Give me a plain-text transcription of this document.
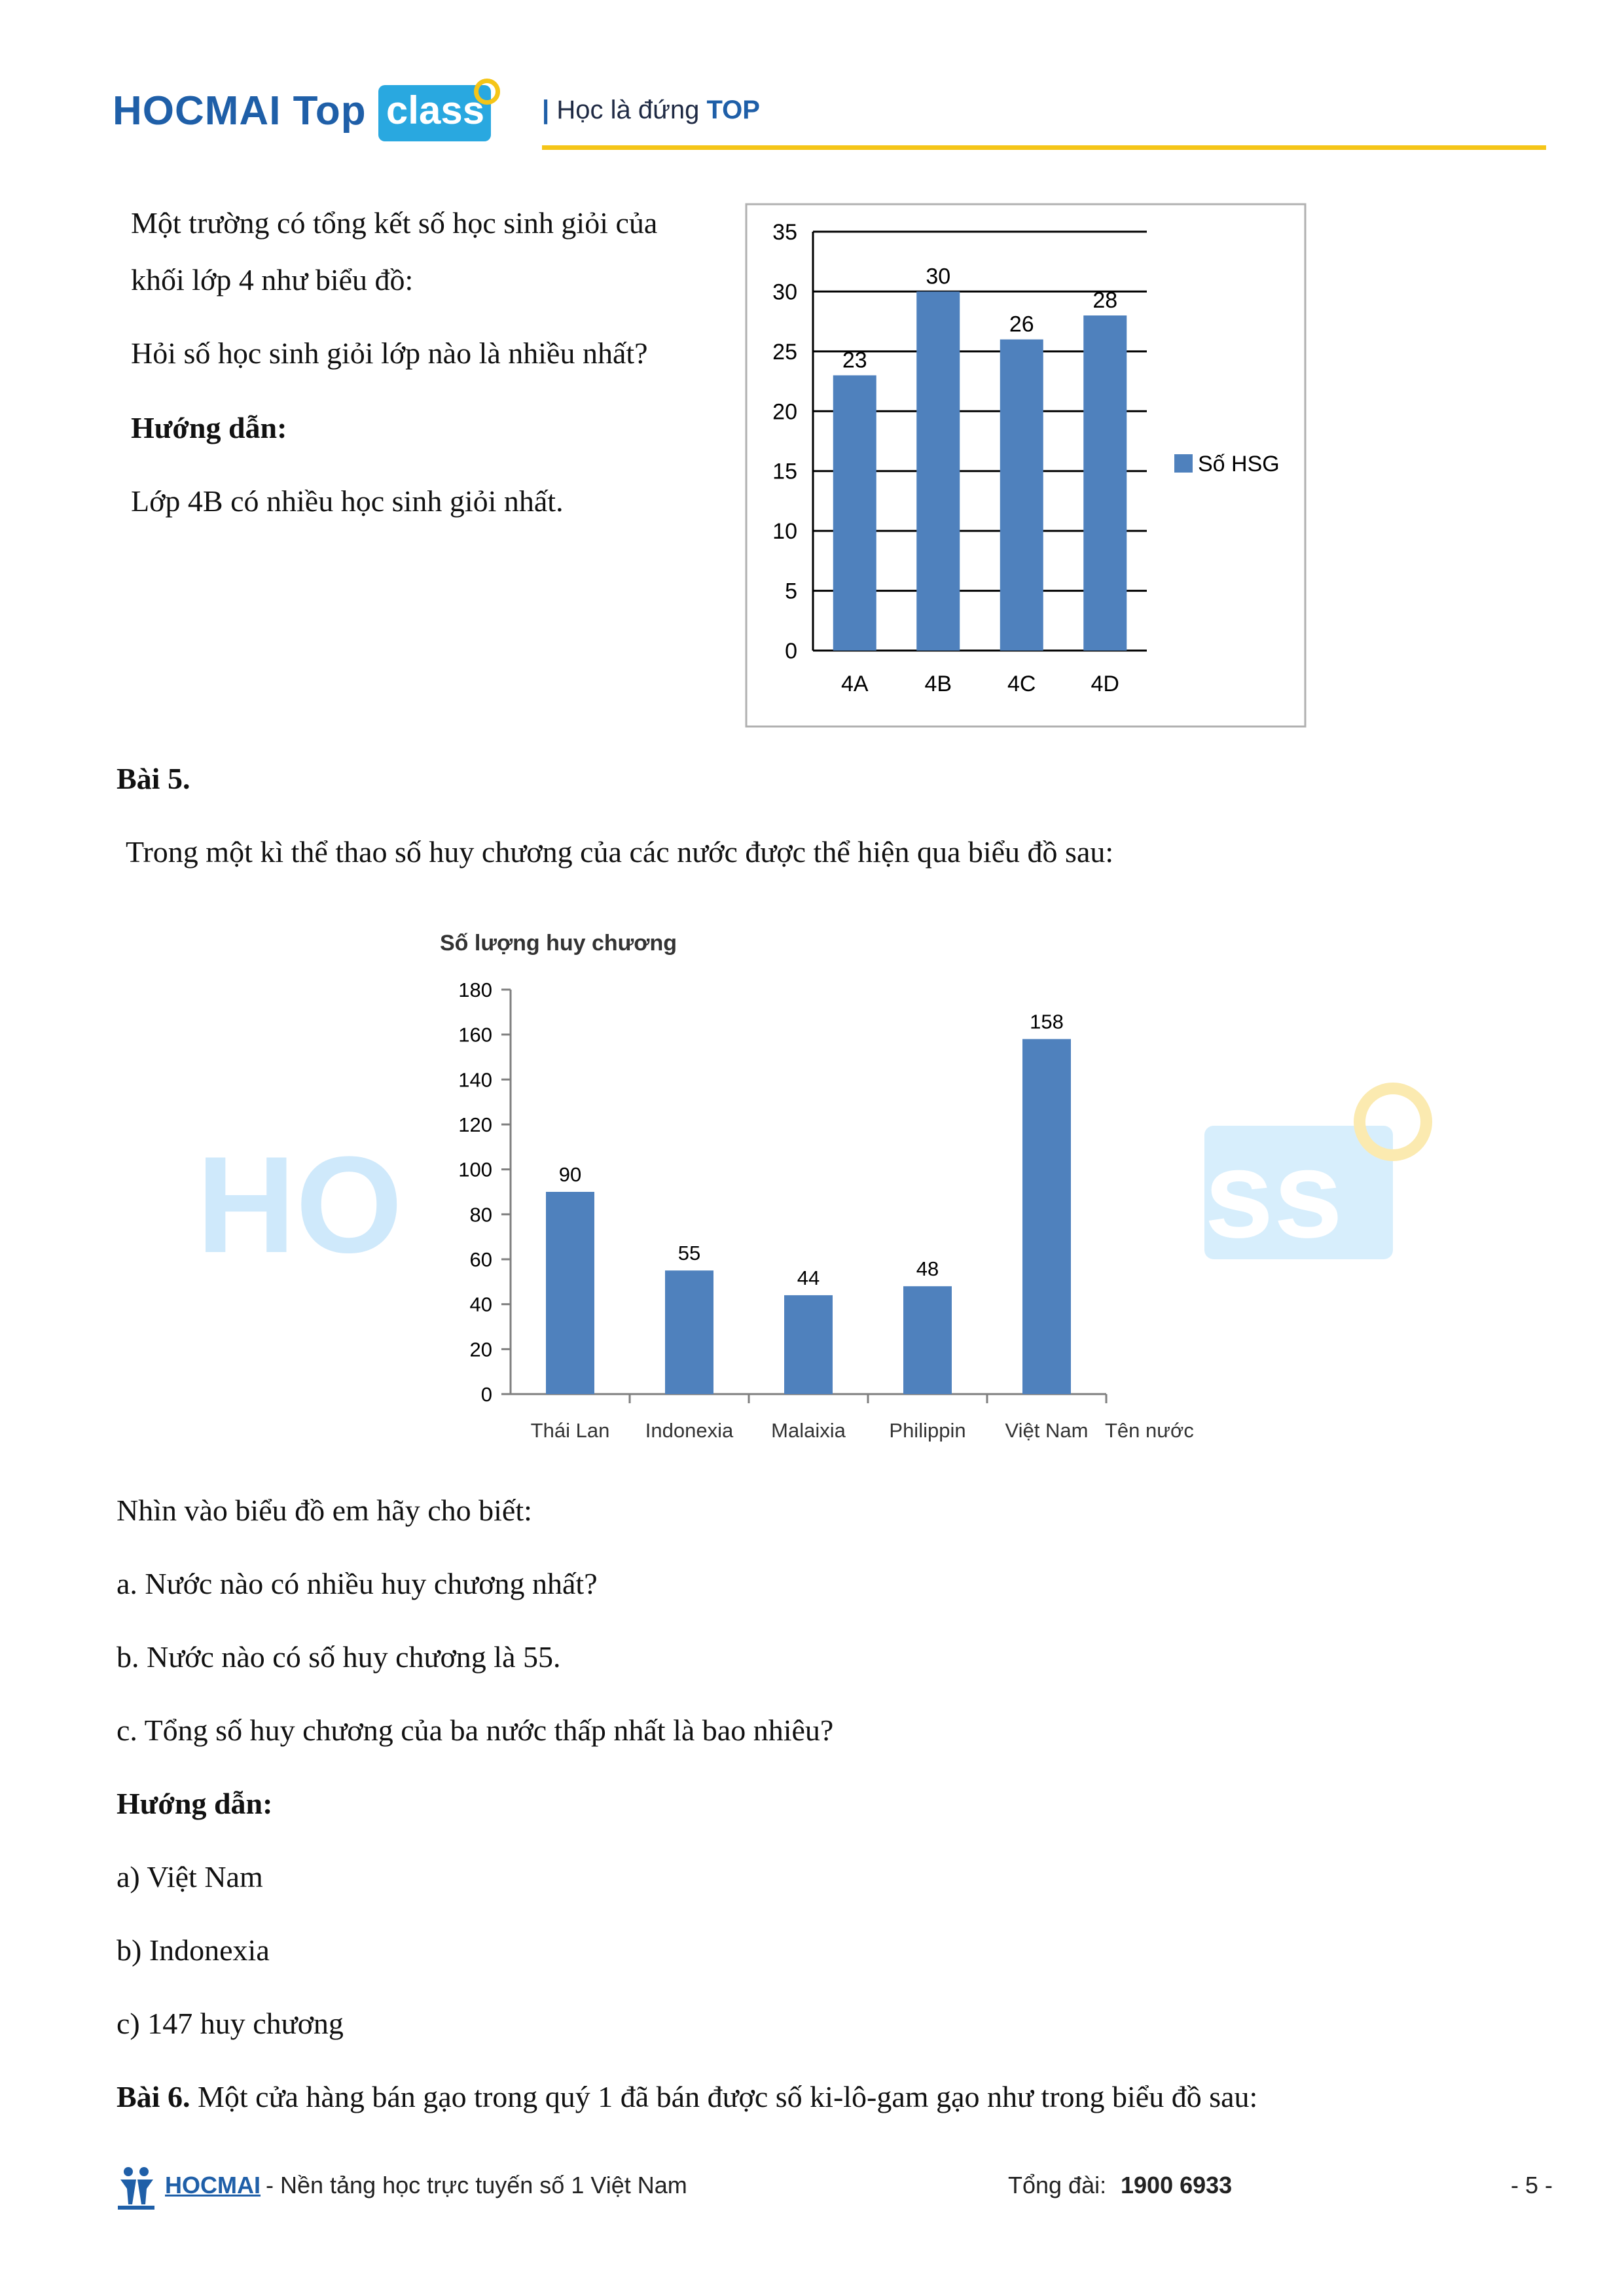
HOCMAI Top class | Học là đứng TOP
HO	ss
Một trường có tổng kết số học sinh giỏi của
khối lớp 4 như biểu đồ:
Hỏi số học sinh giỏi lớp nào là nhiều nhất?
Hướng dẫn:
Lớp 4B có nhiều học sinh giỏi nhất.
0
5
10
15
20
25
30
35
23
4A
30
4B
26
4C
28
4D
Số HSG
Bài 5.
Trong một kì thể thao số huy chương của các nước được thể hiện qua biểu đồ sau:
Số lượng huy chương
0
20
40
60
80
100
120
140
160
180
90
Thái Lan
55
Indonexia
44
Malaixia
48
Philippin
158
Việt Nam Tên nước
Nhìn vào biểu đồ em hãy cho biết:
a. Nước nào có nhiều huy chương nhất?
b. Nước nào có số huy chương là 55.
c. Tổng số huy chương của ba nước thấp nhất là bao nhiêu?
Hướng dẫn:
a) Việt Nam
b) Indonexia
c) 147 huy chương
Bài 6. Một cửa hàng bán gạo trong quý 1 đã bán được số ki-lô-gam gạo như trong biểu đồ sau:
HOCMAI - Nền tảng học trực tuyến số 1 Việt Nam	Tổng đài: 1900 6933	- 5 -
